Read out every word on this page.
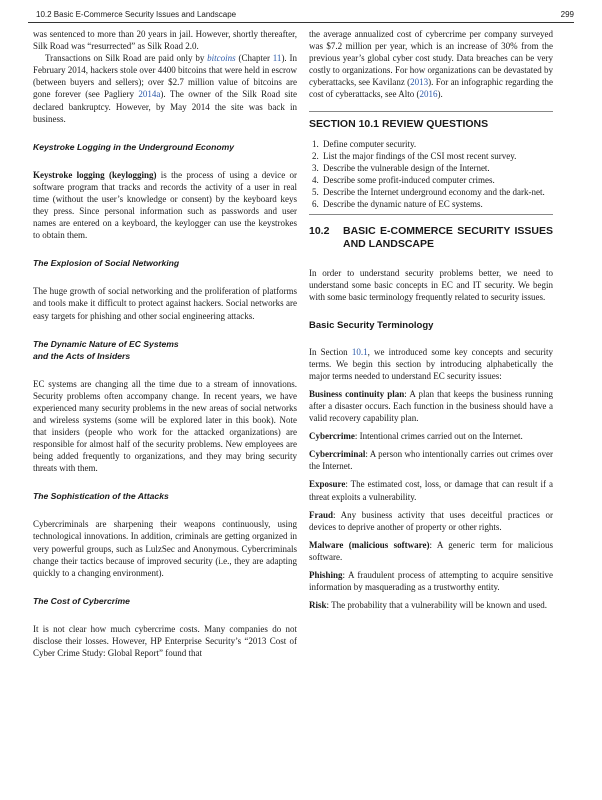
10.2 Basic E-Commerce Security Issues and Landscape	299

was sentenced to more than 20 years in jail. However, shortly thereafter, Silk Road was “resurrected” as Silk Road 2.0.

Transactions on Silk Road are paid only by bitcoins (Chapter 11). In February 2014, hackers stole over 4400 bitcoins that were held in escrow (between buyers and sellers); over $2.7 million value of bitcoins are gone forever (see Pagliery 2014a). The owner of the Silk Road site declared bankruptcy. However, by May 2014 the site was back in business.

Keystroke Logging in the Underground Economy

Keystroke logging (keylogging) is the process of using a device or software program that tracks and records the activity of a user in real time (without the user’s knowledge or consent) by the keyboard keys they press. Since personal information such as passwords and user names are entered on a keyboard, the keylogger can use the keystrokes to obtain them.

The Explosion of Social Networking

The huge growth of social networking and the proliferation of platforms and tools make it difficult to protect against hackers. Social networks are easy targets for phishing and other social engineering attacks.

The Dynamic Nature of EC Systems
and the Acts of Insiders

EC systems are changing all the time due to a stream of innovations. Security problems often accompany change. In recent years, we have experienced many security problems in the new areas of social networks and wireless systems (some will be explored later in this book). Note that insiders (people who work for the attacked organizations) are responsible for almost half of the security problems. New employees are being added frequently to organizations, and they may bring security threats with them.

The Sophistication of the Attacks

Cybercriminals are sharpening their weapons continuously, using technological innovations. In addition, criminals are getting organized in very powerful groups, such as LulzSec and Anonymous. Cybercriminals change their tactics because of improved security (i.e., they are adapting quickly to a changing environment).

The Cost of Cybercrime

It is not clear how much cybercrime costs. Many companies do not disclose their losses. However, HP Enterprise Security’s “2013 Cost of Cyber Crime Study: Global Report” found that

the average annualized cost of cybercrime per company surveyed was $7.2 million per year, which is an increase of 30% from the previous year’s global cyber cost study. Data breaches can be very costly to organizations. For how organizations can be devastated by cyberattacks, see Kavilanz (2013). For an infographic regarding the cost of cyberattacks, see Alto (2016).

SECTION 10.1 REVIEW QUESTIONS
1. Define computer security.
2. List the major findings of the CSI most recent survey.
3. Describe the vulnerable design of the Internet.
4. Describe some profit-induced computer crimes.
5. Describe the Internet underground economy and the dark-net.
6. Describe the dynamic nature of EC systems.
10.2	BASIC E-COMMERCE SECURITY ISSUES AND LANDSCAPE

In order to understand security problems better, we need to understand some basic concepts in EC and IT security. We begin with some basic terminology frequently related to security issues.

Basic Security Terminology

In Section 10.1, we introduced some key concepts and security terms. We begin this section by introducing alphabetically the major terms needed to understand EC security issues:

Business continuity plan: A plan that keeps the business running after a disaster occurs. Each function in the business should have a valid recovery capability plan.

Cybercrime: Intentional crimes carried out on the Internet.

Cybercriminal: A person who intentionally carries out crimes over the Internet.

Exposure: The estimated cost, loss, or damage that can result if a threat exploits a vulnerability.

Fraud: Any business activity that uses deceitful practices or devices to deprive another of property or other rights.

Malware (malicious software): A generic term for malicious software.

Phishing: A fraudulent process of attempting to acquire sensitive information by masquerading as a trustworthy entity.

Risk: The probability that a vulnerability will be known and used.
